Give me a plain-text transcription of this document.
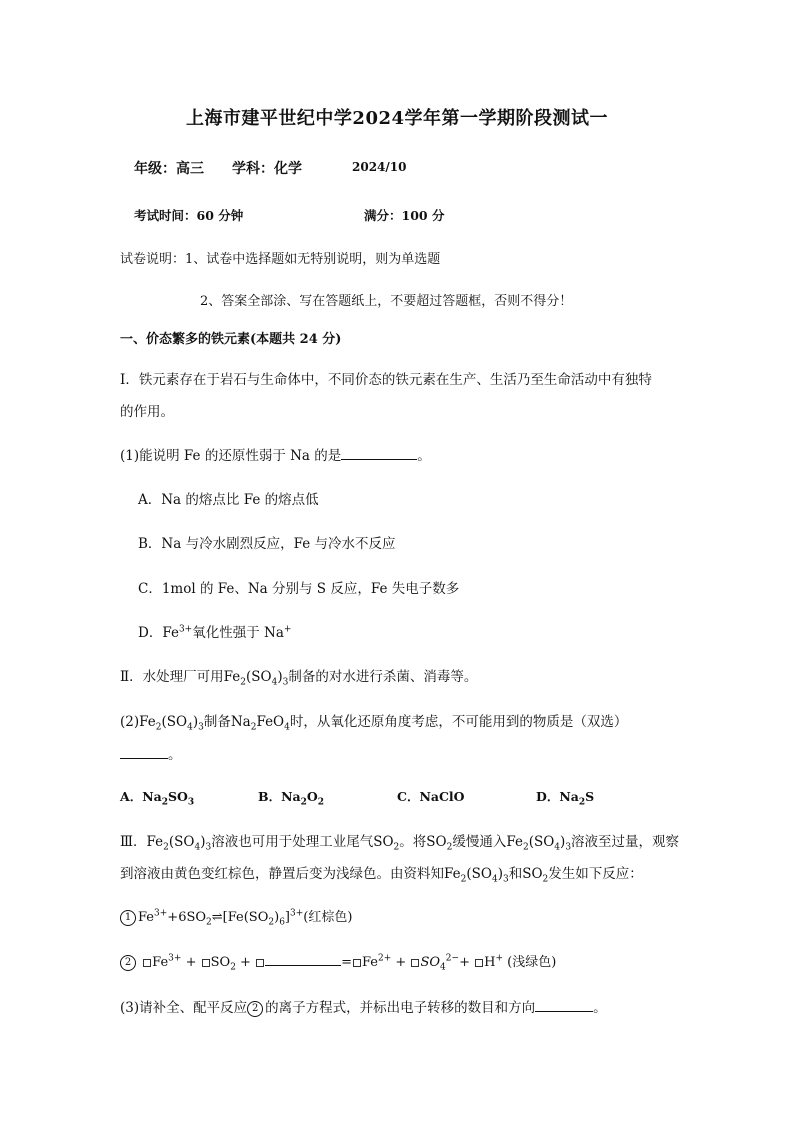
上海市建平世纪中学2024学年第一学期阶段测试一
年级：高三 学科：化学	2024/10
考试时间：60 分钟	满分：100 分
试卷说明：1、试卷中选择题如无特别说明，则为单选题
2、答案全部涂、写在答题纸上，不要超过答题框，否则不得分！
一、价态繁多的铁元素(本题共 24 分)
I．铁元素存在于岩石与生命体中，不同价态的铁元素在生产、生活乃至生命活动中有独特
的作用。
(1)能说明 Fe 的还原性弱于 Na 的是	。
A．Na 的熔点比 Fe 的熔点低
B．Na 与冷水剧烈反应，Fe 与冷水不反应
C．1mol 的 Fe、Na 分别与 S 反应，Fe 失电子数多
D．$Fe^{3+}$氧化性强于 Na+
Ⅱ．水处理厂可用$Fe_2(SO_4)_3$制备的对水进行杀菌、消毒等。
$(2)Fe_2(SO_4)_3$制备$Na_2FeO_4$时，从氧化还原角度考虑，不可能用到的物质是（双选）
。
A．$Na_2SO_3$	B．$Na_2O_2$	C．NaClO	D．$Na_2S$
Ⅲ．$Fe_2(SO_4)_3$溶液也可用于处理工业尾气$SO_2$。将$SO_2$缓慢通入$Fe_2(SO_4)_3$溶液至过量，观察
到溶液由黄色变红棕色，静置后变为浅绿色。由资料知$Fe_2(SO_4)_3$和$SO_2$发生如下反应：
1 $Fe^{3+}+6SO_2\rightleftharpoons[Fe(SO_2)_6]^{3+}$(红棕色)
2 $Fe^{3+} + SO_2$ +	= $Fe^{2+} + SO_4^{2-}+ H^+$ (浅绿色)
(3)请补全、配平反应 2 的离子方程式，并标出电子转移的数目和方向	。
